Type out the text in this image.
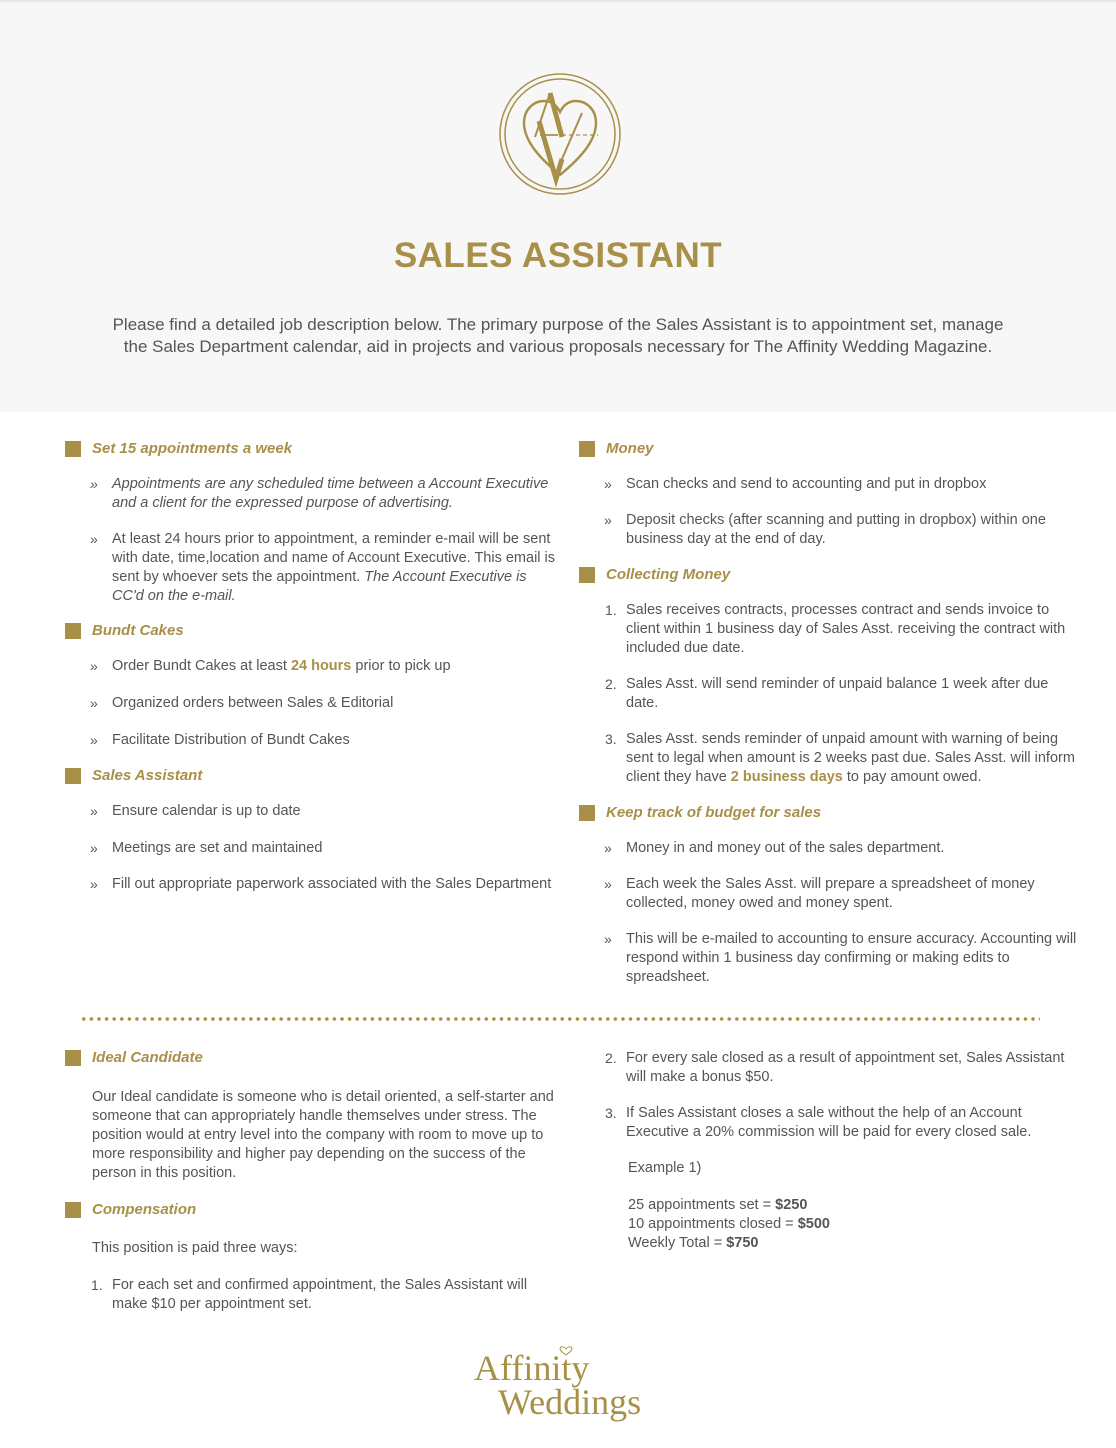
SALES ASSISTANT
Please find a detailed job description below. The primary purpose of the Sales Assistant is to appointment set, manage the Sales Department calendar, aid in projects and various proposals necessary for The Affinity Wedding Magazine.
Set 15 appointments a week
» Appointments are any scheduled time between a Account Executive and a client for the expressed purpose of advertising.
» At least 24 hours prior to appointment, a reminder e-mail will be sent with date, time,location and name of Account Executive. This email is sent by whoever sets the appointment. The Account Executive is CC'd on the e-mail.
Bundt Cakes
» Order Bundt Cakes at least 24 hours prior to pick up
» Organized orders between Sales & Editorial
» Facilitate Distribution of Bundt Cakes
Sales Assistant
» Ensure calendar is up to date
» Meetings are set and maintained
» Fill out appropriate paperwork associated with the Sales Department
Money
» Scan checks and send to accounting and put in dropbox
» Deposit checks (after scanning and putting in dropbox) within one business day at the end of day.
Collecting Money
1. Sales receives contracts, processes contract and sends invoice to client within 1 business day of Sales Asst. receiving the contract with included due date.
2. Sales Asst. will send reminder of unpaid balance 1 week after due date.
3. Sales Asst. sends reminder of unpaid amount with warning of being sent to legal when amount is 2 weeks past due. Sales Asst. will inform client they have 2 business days to pay amount owed.
Keep track of budget for sales
» Money in and money out of the sales department.
» Each week the Sales Asst. will prepare a spreadsheet of money collected, money owed and money spent.
» This will be e-mailed to accounting to ensure accuracy. Accounting will respond within 1 business day confirming or making edits to spreadsheet.
Ideal Candidate
Our Ideal candidate is someone who is detail oriented, a self-starter and someone that can appropriately handle themselves under stress. The position would at entry level into the company with room to move up to more responsibility and higher pay depending on the success of the person in this position.
Compensation
This position is paid three ways:
1. For each set and confirmed appointment, the Sales Assistant will make $10 per appointment set.
2. For every sale closed as a result of appointment set, Sales Assistant will make a bonus $50.
3. If Sales Assistant closes a sale without the help of an Account Executive a 20% commission will be paid for every closed sale.
Example 1)
25 appointments set = $250
10 appointments closed = $500
Weekly Total = $750
Affinity
Weddings
